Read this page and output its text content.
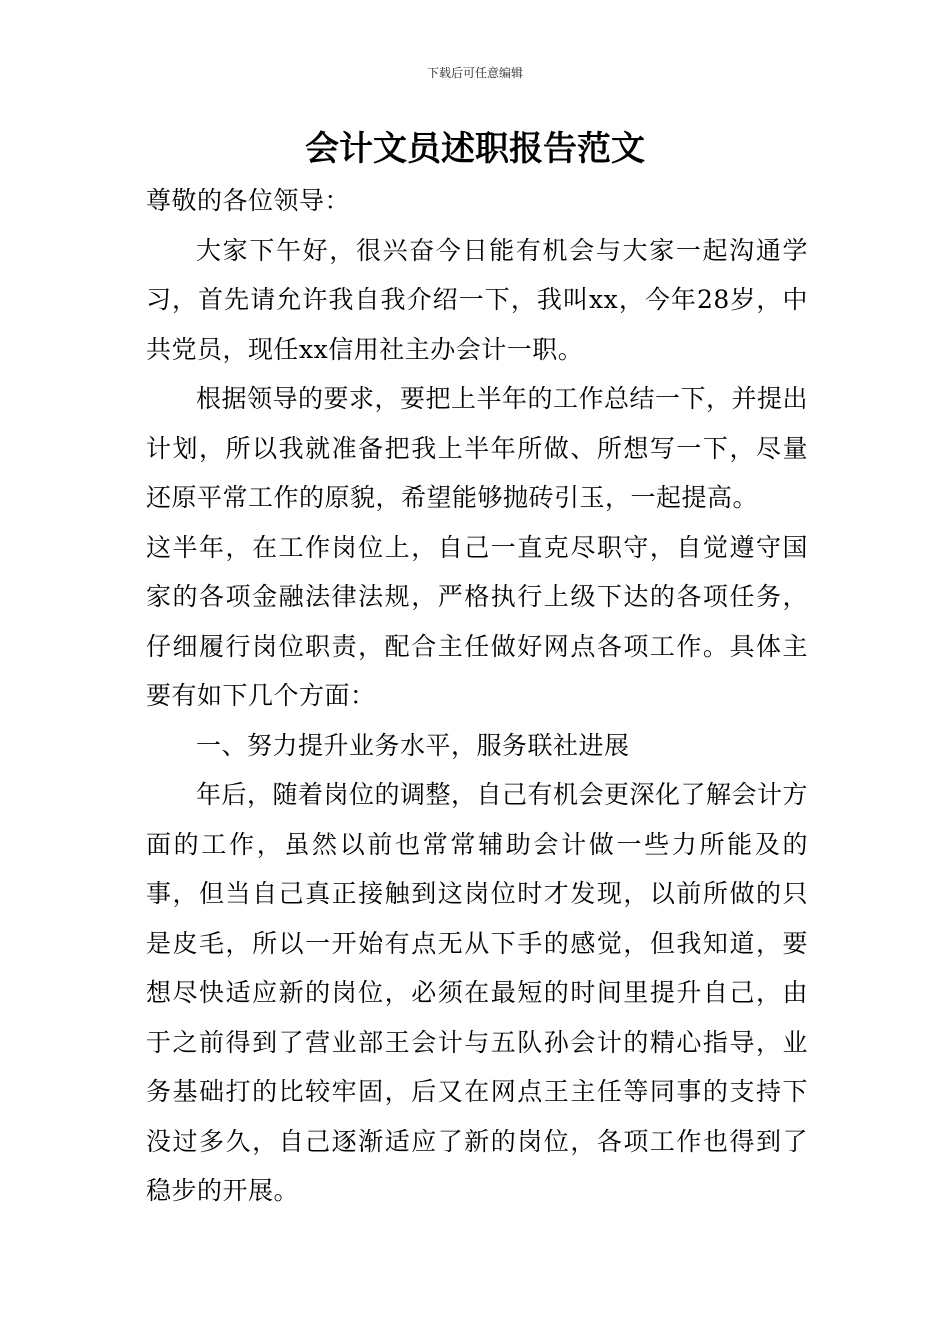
下载后可任意编辑
会计文员述职报告范文

尊敬的各位领导：

大家下午好，很兴奋今日能有机会与大家一起沟通学习，首先请允许我自我介绍一下，我叫xx，今年28岁，中共党员，现任xx信用社主办会计一职。

根据领导的要求，要把上半年的工作总结一下，并提出计划，所以我就准备把我上半年所做、所想写一下，尽量还原平常工作的原貌，希望能够抛砖引玉，一起提高。

这半年，在工作岗位上，自己一直克尽职守，自觉遵守国家的各项金融法律法规，严格执行上级下达的各项任务，仔细履行岗位职责，配合主任做好网点各项工作。具体主要有如下几个方面：

一、努力提升业务水平，服务联社进展

年后，随着岗位的调整，自己有机会更深化了解会计方面的工作，虽然以前也常常辅助会计做一些力所能及的事，但当自己真正接触到这岗位时才发现，以前所做的只是皮毛，所以一开始有点无从下手的感觉，但我知道，要想尽快适应新的岗位，必须在最短的时间里提升自己，由于之前得到了营业部王会计与五队孙会计的精心指导，业务基础打的比较牢固，后又在网点王主任等同事的支持下没过多久，自己逐渐适应了新的岗位，各项工作也得到了稳步的开展。
